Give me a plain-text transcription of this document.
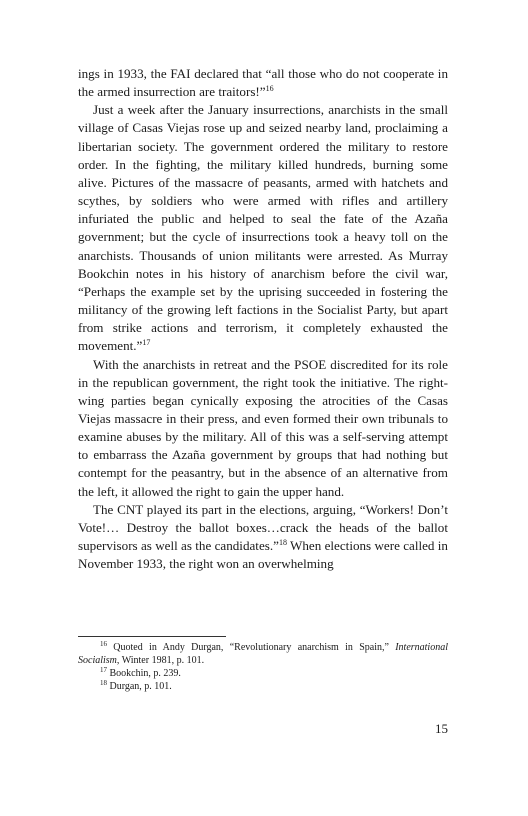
ings in 1933, the FAI declared that “all those who do not cooperate in the armed insurrection are traitors!”$^{16}$

Just a week after the January insurrections, anarchists in the small village of Casas Viejas rose up and seized nearby land, proclaiming a libertarian society. The government ordered the military to restore order. In the fighting, the military killed hundreds, burning some alive. Pictures of the massacre of peasants, armed with hatchets and scythes, by soldiers who were armed with rifles and artillery infuriated the public and helped to seal the fate of the Azaña government; but the cycle of insurrections took a heavy toll on the anarchists. Thousands of union militants were arrested. As Murray Bookchin notes in his history of anarchism before the civil war, “Perhaps the example set by the uprising succeeded in fostering the militancy of the growing left factions in the Socialist Party, but apart from strike actions and terrorism, it completely exhausted the movement.”$^{17}$

With the anarchists in retreat and the PSOE discredited for its role in the republican government, the right took the initiative. The right-wing parties began cynically exposing the atrocities of the Casas Viejas massacre in their press, and even formed their own tribunals to examine abuses by the military. All of this was a self-serving attempt to embarrass the Azaña government by groups that had nothing but contempt for the peasantry, but in the absence of an alternative from the left, it allowed the right to gain the upper hand.

The CNT played its part in the elections, arguing, “Workers! Don’t Vote!… Destroy the ballot boxes…crack the heads of the ballot supervisors as well as the candidates.”$^{18}$ When elections were called in November 1933, the right won an overwhelming

$^{16}$ Quoted in Andy Durgan, “Revolutionary anarchism in Spain,” International Socialism, Winter 1981, p. 101.

$^{17}$ Bookchin, p. 239.

$^{18}$ Durgan, p. 101.

15
